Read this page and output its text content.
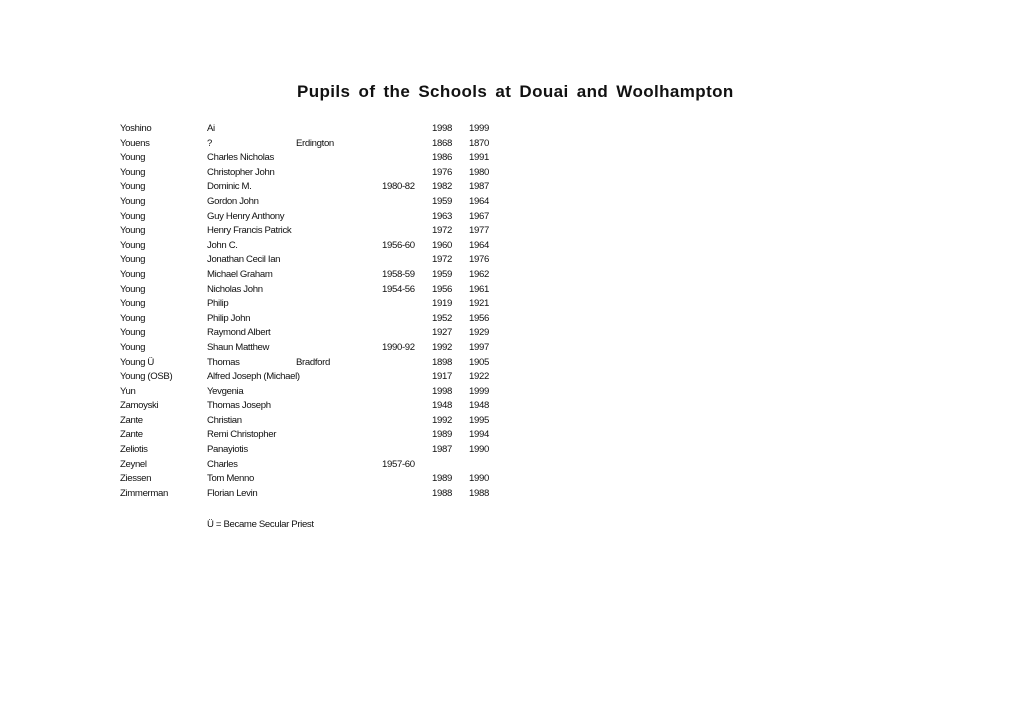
Pupils of the Schools at Douai and Woolhampton
Yoshino	Ai	1998 1999
Youens	?	Erdington	1868 1870
Young	Charles Nicholas	1986 1991
Young	Christopher John	1976 1980
Young	Dominic M.	1980-82 1982 1987
Young	Gordon John	1959 1964
Young	Guy Henry Anthony	1963 1967
Young	Henry Francis Patrick	1972 1977
Young	John C.	1956-60 1960 1964
Young	Jonathan Cecil Ian	1972 1976
Young	Michael Graham	1958-59 1959 1962
Young	Nicholas John	1954-56 1956 1961
Young	Philip	1919 1921
Young	Philip John	1952 1956
Young	Raymond Albert	1927 1929
Young	Shaun Matthew	1990-92 1992 1997
Young Ü	Thomas	Bradford	1898 1905
Young (OSB)	Alfred Joseph (Michael)	1917 1922
Yun	Yevgenia	1998 1999
Zamoyski	Thomas Joseph	1948 1948
Zante	Christian	1992 1995
Zante	Remi Christopher	1989 1994
Zeliotis	Panayiotis	1987 1990
Zeynel	Charles	1957-60
Ziessen	Tom Menno	1989 1990
Zimmerman	Florian Levin	1988 1988
Ü = Became Secular Priest
